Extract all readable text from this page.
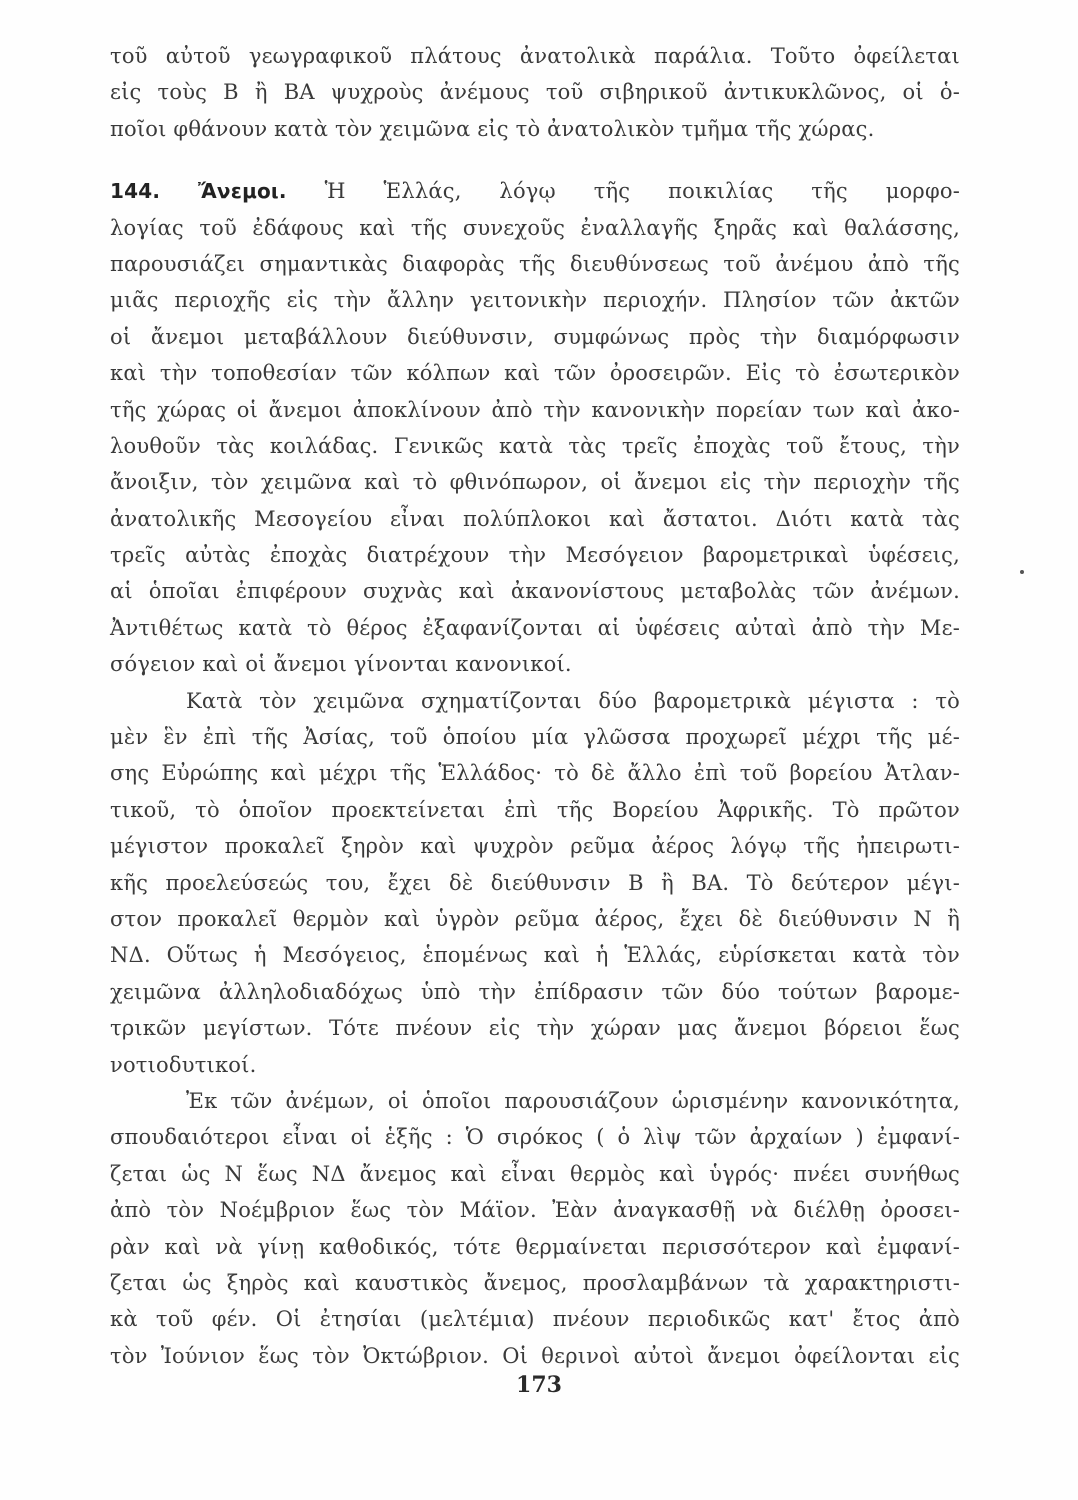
τοῦ αὐτοῦ γεωγραφικοῦ πλάτους ἀνατολικὰ παράλια. Τοῦτο ὀφείλεται
εἰς τοὺς Β ἢ ΒΑ ψυχροὺς ἀνέμους τοῦ σιβηρικοῦ ἀντικυκλῶνος, οἱ ὁ-
ποῖοι φθάνουν κατὰ τὸν χειμῶνα εἰς τὸ ἀνατολικὸν τμῆμα τῆς χώρας.
144. Ἄνεμοι. Ἡ Ἑλλάς, λόγῳ τῆς ποικιλίας τῆς μορφο-
λογίας τοῦ ἐδάφους καὶ τῆς συνεχοῦς ἐναλλαγῆς ξηρᾶς καὶ θαλάσσης,
παρουσιάζει σημαντικὰς διαφορὰς τῆς διευθύνσεως τοῦ ἀνέμου ἀπὸ τῆς
μιᾶς περιοχῆς εἰς τὴν ἄλλην γειτονικὴν περιοχήν. Πλησίον τῶν ἀκτῶν
οἱ ἄνεμοι μεταβάλλουν διεύθυνσιν, συμφώνως πρὸς τὴν διαμόρφωσιν
καὶ τὴν τοποθεσίαν τῶν κόλπων καὶ τῶν ὀροσειρῶν. Εἰς τὸ ἐσωτερικὸν
τῆς χώρας οἱ ἄνεμοι ἀποκλίνουν ἀπὸ τὴν κανονικὴν πορείαν των καὶ ἀκο-
λουθοῦν τὰς κοιλάδας. Γενικῶς κατὰ τὰς τρεῖς ἐποχὰς τοῦ ἔτους, τὴν
ἄνοιξιν, τὸν χειμῶνα καὶ τὸ φθινόπωρον, οἱ ἄνεμοι εἰς τὴν περιοχὴν τῆς
ἀνατολικῆς Μεσογείου εἶναι πολύπλοκοι καὶ ἄστατοι. Διότι κατὰ τὰς
τρεῖς αὐτὰς ἐποχὰς διατρέχουν τὴν Μεσόγειον βαρομετρικαὶ ὑφέσεις,
αἱ ὁποῖαι ἐπιφέρουν συχνὰς καὶ ἀκανονίστους μεταβολὰς τῶν ἀνέμων.
Ἀντιθέτως κατὰ τὸ θέρος ἐξαφανίζονται αἱ ὑφέσεις αὐταὶ ἀπὸ τὴν Με-
σόγειον καὶ οἱ ἄνεμοι γίνονται κανονικοί.
Κατὰ τὸν χειμῶνα σχηματίζονται δύο βαρομετρικὰ μέγιστα : τὸ
μὲν ἓν ἐπὶ τῆς Ἀσίας, τοῦ ὁποίου μία γλῶσσα προχωρεῖ μέχρι τῆς μέ-
σης Εὐρώπης καὶ μέχρι τῆς Ἑλλάδος· τὸ δὲ ἄλλο ἐπὶ τοῦ βορείου Ἀτλαν-
τικοῦ, τὸ ὁποῖον προεκτείνεται ἐπὶ τῆς Βορείου Ἀφρικῆς. Τὸ πρῶτον
μέγιστον προκαλεῖ ξηρὸν καὶ ψυχρὸν ρεῦμα ἀέρος λόγῳ τῆς ἠπειρωτι-
κῆς προελεύσεώς του, ἔχει δὲ διεύθυνσιν Β ἢ ΒΑ. Τὸ δεύτερον μέγι-
στον προκαλεῖ θερμὸν καὶ ὑγρὸν ρεῦμα ἀέρος, ἔχει δὲ διεύθυνσιν Ν ἢ
ΝΔ. Οὕτως ἡ Μεσόγειος, ἑπομένως καὶ ἡ Ἑλλάς, εὑρίσκεται κατὰ τὸν
χειμῶνα ἀλληλοδιαδόχως ὑπὸ τὴν ἐπίδρασιν τῶν δύο τούτων βαρομε-
τρικῶν μεγίστων. Τότε πνέουν εἰς τὴν χώραν μας ἄνεμοι βόρειοι ἕως
νοτιοδυτικοί.
Ἐκ τῶν ἀνέμων, οἱ ὁποῖοι παρουσιάζουν ὡρισμένην κανονικότητα,
σπουδαιότεροι εἶναι οἱ ἑξῆς : Ὁ σιρόκος ( ὁ λὶψ τῶν ἀρχαίων ) ἐμφανί-
ζεται ὡς Ν ἕως ΝΔ ἄνεμος καὶ εἶναι θερμὸς καὶ ὑγρός· πνέει συνήθως
ἀπὸ τὸν Νοέμβριον ἕως τὸν Μάϊον. Ἐὰν ἀναγκασθῇ νὰ διέλθῃ ὀροσει-
ρὰν καὶ νὰ γίνῃ καθοδικός, τότε θερμαίνεται περισσότερον καὶ ἐμφανί-
ζεται ὡς ξηρὸς καὶ καυστικὸς ἄνεμος, προσλαμβάνων τὰ χαρακτηριστι-
κὰ τοῦ φέν. Οἱ ἐτησίαι (μελτέμια) πνέουν περιοδικῶς κατ' ἔτος ἀπὸ
τὸν Ἰούνιον ἕως τὸν Ὀκτώβριον. Οἱ θερινοὶ αὐτοὶ ἄνεμοι ὀφείλονται εἰς
173
